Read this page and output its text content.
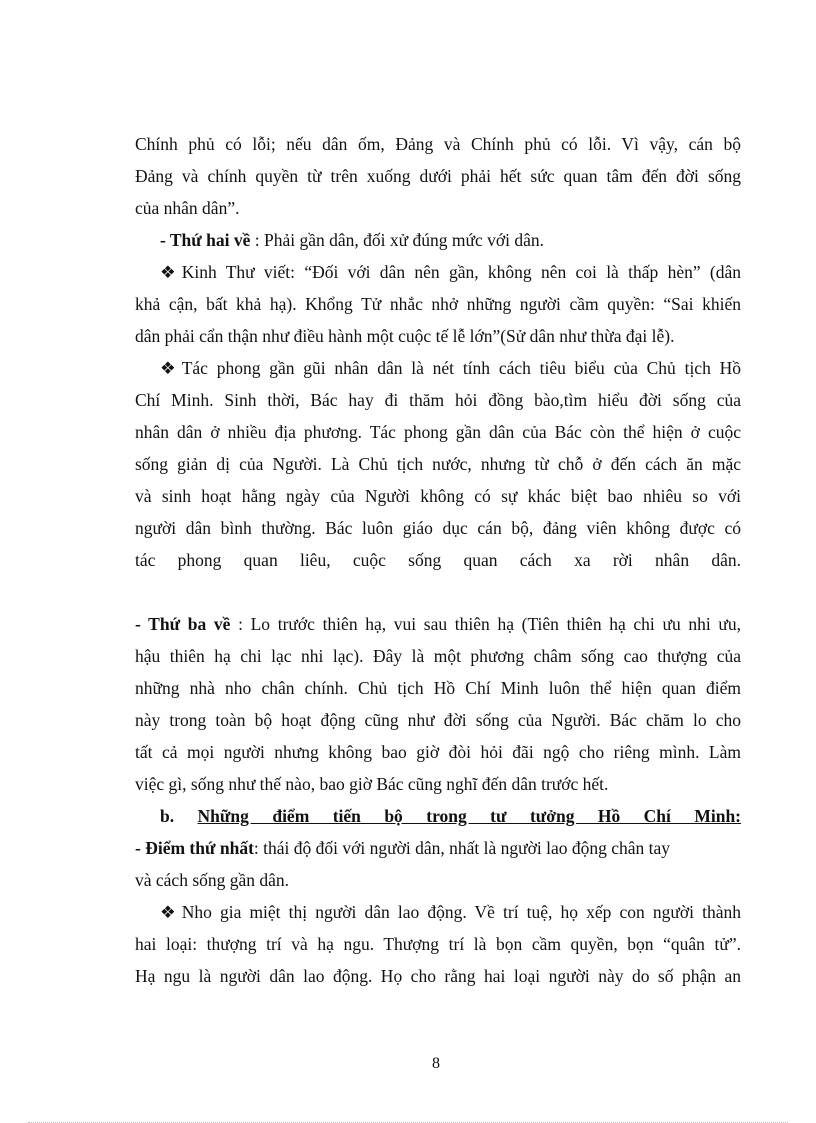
Chính phủ có lỗi; nếu dân ốm, Đảng và Chính phủ có lỗi. Vì vậy, cán bộ
Đảng và chính quyền từ trên xuống dưới phải hết sức quan tâm đến đời sống
của nhân dân”.
- Thứ hai về : Phải gần dân, đối xử đúng mức với dân.
❖ Kinh Thư viết: “Đối với dân nên gần, không nên coi là thấp hèn” (dân
khả cận, bất khả hạ). Khổng Tử nhắc nhở những người cầm quyền: “Sai khiến
dân phải cẩn thận như điều hành một cuộc tế lễ lớn”(Sử dân như thừa đại lễ).
❖ Tác phong gần gũi nhân dân là nét tính cách tiêu biểu của Chủ tịch Hồ
Chí Minh. Sinh thời, Bác hay đi thăm hỏi đồng bào,tìm hiểu đời sống của
nhân dân ở nhiều địa phương. Tác phong gần dân của Bác còn thể hiện ở cuộc
sống giản dị của Người. Là Chủ tịch nước, nhưng từ chỗ ở đến cách ăn mặc
và sinh hoạt hằng ngày của Người không có sự khác biệt bao nhiêu so với
người dân bình thường. Bác luôn giáo dục cán bộ, đảng viên không được có
tác phong quan liêu, cuộc sống quan cách xa rời nhân dân.
- Thứ ba về : Lo trước thiên hạ, vui sau thiên hạ (Tiên thiên hạ chi ưu nhi ưu,
hậu thiên hạ chi lạc nhi lạc). Đây là một phương châm sống cao thượng của
những nhà nho chân chính. Chủ tịch Hồ Chí Minh luôn thể hiện quan điểm
này trong toàn bộ hoạt động cũng như đời sống của Người. Bác chăm lo cho
tất cả mọi người nhưng không bao giờ đòi hỏi đãi ngộ cho riêng mình. Làm
việc gì, sống như thế nào, bao giờ Bác cũng nghĩ đến dân trước hết.
b. Những điểm tiến bộ trong tư tưởng Hồ Chí Minh:
- Điểm thứ nhất: thái độ đối với người dân, nhất là người lao động chân tay
và cách sống gần dân.
❖ Nho gia miệt thị người dân lao động. Về trí tuệ, họ xếp con người thành
hai loại: thượng trí và hạ ngu. Thượng trí là bọn cầm quyền, bọn “quân tử”.
Hạ ngu là người dân lao động. Họ cho rằng hai loại người này do số phận an
8
